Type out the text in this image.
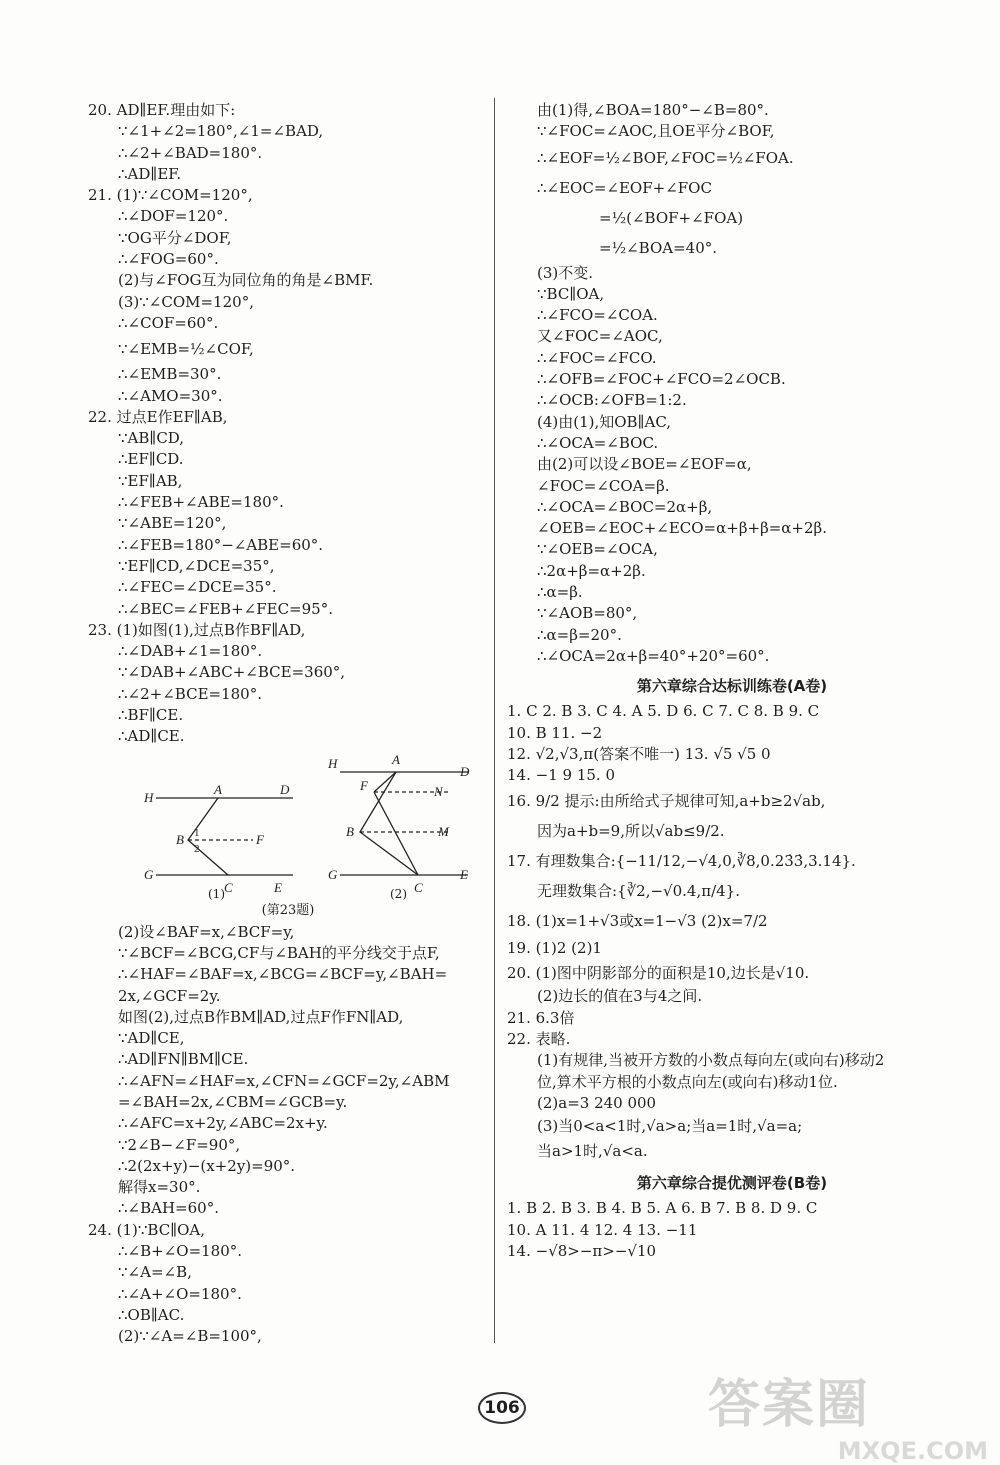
20. AD∥EF.理由如下:
∵∠1+∠2=180°,∠1=∠BAD,
∴∠2+∠BAD=180°.
∴AD∥EF.
21. (1)∵∠COM=120°,
∴∠DOF=120°.
∵OG平分∠DOF,
∴∠FOG=60°.
(2)与∠FOG互为同位角的角是∠BMF.
(3)∵∠COM=120°,
∴∠COF=60°.
∵∠EMB=½∠COF,
∴∠EMB=30°.
∴∠AMO=30°.
22. 过点E作EF∥AB,
∵AB∥CD,
∴EF∥CD.
∵EF∥AB,
∴∠FEB+∠ABE=180°.
∵∠ABE=120°,
∴∠FEB=180°−∠ABE=60°.
∵EF∥CD,∠DCE=35°,
∴∠FEC=∠DCE=35°.
∴∠BEC=∠FEB+∠FEC=95°.
23. (1)如图(1),过点B作BF∥AD,
∴∠DAB+∠1=180°.
∵∠DAB+∠ABC+∠BCE=360°,
∴∠2+∠BCE=180°.
∴BF∥CE.
∴AD∥CE.
H
A	D
B 1
2
F
G
C	E
H	A
D
F	N
B	M
G
C
E
(1)	(2)
(第23题)
(2)设∠BAF=x,∠BCF=y,
∵∠BCF=∠BCG,CF与∠BAH的平分线交于点F,
∴∠HAF=∠BAF=x,∠BCG=∠BCF=y,∠BAH=
2x,∠GCF=2y.
如图(2),过点B作BM∥AD,过点F作FN∥AD,
∵AD∥CE,
∴AD∥FN∥BM∥CE.
∴∠AFN=∠HAF=x,∠CFN=∠GCF=2y,∠ABM
=∠BAH=2x,∠CBM=∠GCB=y.
∴∠AFC=x+2y,∠ABC=2x+y.
∵2∠B−∠F=90°,
∴2(2x+y)−(x+2y)=90°.
解得x=30°.
∴∠BAH=60°.
24. (1)∵BC∥OA,
∴∠B+∠O=180°.
∵∠A=∠B,
∴∠A+∠O=180°.
∴OB∥AC.
(2)∵∠A=∠B=100°,
由(1)得,∠BOA=180°−∠B=80°.
∵∠FOC=∠AOC,且OE平分∠BOF,
∴∠EOF=½∠BOF,∠FOC=½∠FOA.
∴∠EOC=∠EOF+∠FOC
=½(∠BOF+∠FOA)
=½∠BOA=40°.
(3)不变.
∵BC∥OA,
∴∠FCO=∠COA.
又∠FOC=∠AOC,
∴∠FOC=∠FCO.
∴∠OFB=∠FOC+∠FCO=2∠OCB.
∴∠OCB:∠OFB=1:2.
(4)由(1),知OB∥AC,
∴∠OCA=∠BOC.
由(2)可以设∠BOE=∠EOF=α,
∠FOC=∠COA=β.
∴∠OCA=∠BOC=2α+β,
∠OEB=∠EOC+∠ECO=α+β+β=α+2β.
∵∠OEB=∠OCA,
∴2α+β=α+2β.
∴α=β.
∵∠AOB=80°,
∴α=β=20°.
∴∠OCA=2α+β=40°+20°=60°.
第六章综合达标训练卷(A卷)
1. C 2. B 3. C 4. A 5. D 6. C 7. C 8. B 9. C
10. B 11. −2
12. √2,√3,π(答案不唯一) 13. √5 √5 0
14. −1 9 15. 0
16. 9/2 提示:由所给式子规律可知,a+b≥2√ab,
因为a+b=9,所以√ab≤9/2.
17. 有理数集合:{−11/12,−√4,0,∛8,0.23̇3̇,3.14}.
无理数集合:{∛2,−√0.4,π/4}.
18. (1)x=1+√3或x=1−√3 (2)x=7/2
19. (1)2 (2)1
20. (1)图中阴影部分的面积是10,边长是√10.
(2)边长的值在3与4之间.
21. 6.3倍
22. 表略.
(1)有规律,当被开方数的小数点每向左(或向右)移动2
位,算术平方根的小数点向左(或向右)移动1位.
(2)a=3 240 000
(3)当0<a<1时,√a>a;当a=1时,√a=a;
当a>1时,√a<a.
第六章综合提优测评卷(B卷)
1. B 2. B 3. B 4. B 5. A 6. B 7. B 8. D 9. C
10. A 11. 4 12. 4 13. −11
14. −√8>−π>−√10
106	答案圈
MXQE.COM
